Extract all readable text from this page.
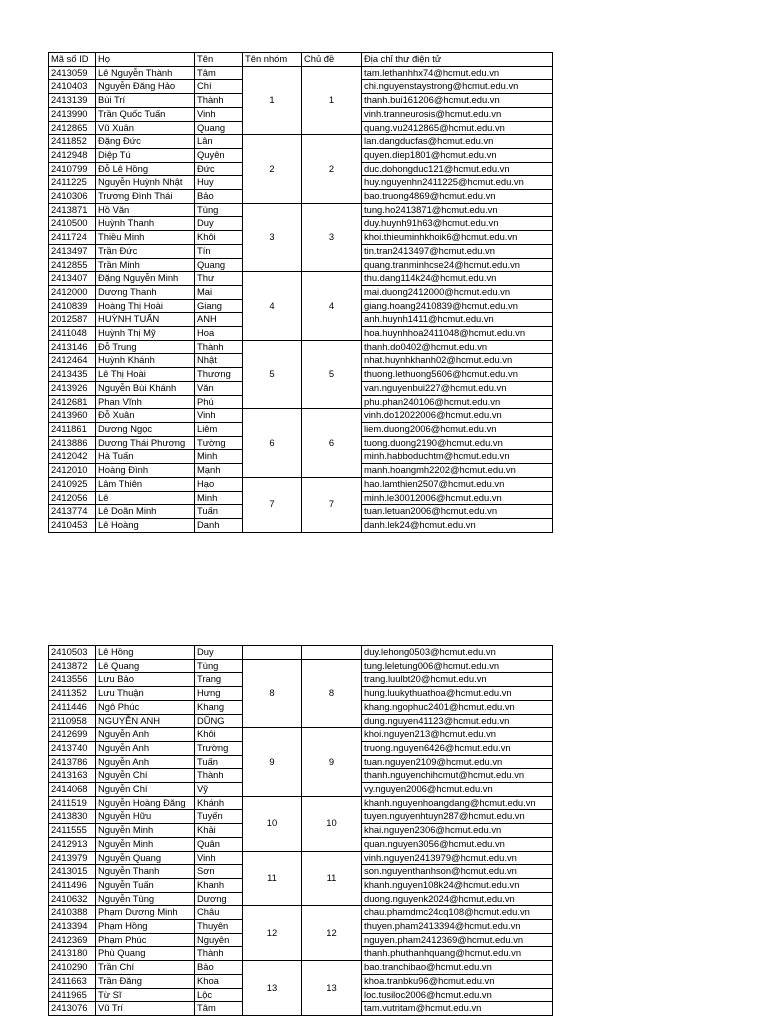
Mã số ID	Họ	Tên	Tên nhóm	Chủ đề	Địa chỉ thư điện tử
2413059	Lê Nguyễn Thành	Tâm	1	1	tam.lethanhhx74@hcmut.edu.vn
2410403	Nguyễn Đăng Hảo	Chí			chi.nguyenstaystrong@hcmut.edu.vn
2413139	Bùi Trí	Thành			thanh.bui161206@hcmut.edu.vn
2413990	Trần Quốc Tuấn	Vinh			vinh.tranneurosis@hcmut.edu.vn
2412865	Vũ Xuân	Quang			quang.vu2412865@hcmut.edu.vn
2411852	Đặng Đức	Lân	2	2	lan.dangducfas@hcmut.edu.vn
2412948	Diệp Tú	Quyên			quyen.diep1801@hcmut.edu.vn
2410799	Đỗ Lê Hồng	Đức			duc.dohongduc121@hcmut.edu.vn
2411225	Nguyễn Huỳnh Nhật	Huy			huy.nguyenhn2411225@hcmut.edu.vn
2410306	Trương Đình Thái	Bảo			bao.truong4869@hcmut.edu.vn
2413871	Hồ Văn	Tùng	3	3	tung.ho2413871@hcmut.edu.vn
2410500	Huỳnh Thanh	Duy			duy.huynh91h63@hcmut.edu.vn
2411724	Thiều Minh	Khôi			khoi.thieuminhkhoik6@hcmut.edu.vn
2413497	Trần Đức	Tín			tin.tran2413497@hcmut.edu.vn
2412855	Trần Minh	Quang			quang.tranminhcse24@hcmut.edu.vn
2413407	Đặng Nguyễn Minh	Thư	4	4	thu.dang114k24@hcmut.edu.vn
2412000	Dương Thanh	Mai			mai.duong2412000@hcmut.edu.vn
2410839	Hoàng Thị Hoài	Giang			giang.hoang2410839@hcmut.edu.vn
2012587	HUỲNH TUẤN	ANH			anh.huynh1411@hcmut.edu.vn
2411048	Huỳnh Thị Mỹ	Hoa			hoa.huynhhoa2411048@hcmut.edu.vn
2413146	Đỗ Trung	Thành	5	5	thanh.do0402@hcmut.edu.vn
2412464	Huỳnh Khánh	Nhật			nhat.huynhkhanh02@hcmut.edu.vn
2413435	Lê Thị Hoài	Thương			thuong.lethuong5606@hcmut.edu.vn
2413926	Nguyễn Bùi Khánh	Văn			van.nguyenbui227@hcmut.edu.vn
2412681	Phan Vĩnh	Phú			phu.phan240106@hcmut.edu.vn
2413960	Đỗ Xuân	Vinh	6	6	vinh.do12022006@hcmut.edu.vn
2411861	Dương Ngọc	Liêm			liem.duong2006@hcmut.edu.vn
2413886	Dương Thái Phương	Tường			tuong.duong2190@hcmut.edu.vn
2412042	Hà Tuấn	Minh			minh.habboduchtm@hcmut.edu.vn
2412010	Hoàng Đình	Mạnh			manh.hoangmh2202@hcmut.edu.vn
2410925	Lâm Thiên	Hạo	7	7	hao.lamthien2507@hcmut.edu.vn
2412056	Lê	Minh			minh.le30012006@hcmut.edu.vn
2413774	Lê Doãn Minh	Tuấn			tuan.letuan2006@hcmut.edu.vn
2410453	Lê Hoàng	Danh			danh.lek24@hcmut.edu.vn
2410503	Lê Hồng	Duy			duy.lehong0503@hcmut.edu.vn
2413872	Lê Quang	Tùng	8	8	tung.leletung006@hcmut.edu.vn
2413556	Lưu Bảo	Trang			trang.luulbt20@hcmut.edu.vn
2411352	Lưu Thuận	Hưng			hung.luukythuathoa@hcmut.edu.vn
2411446	Ngô Phúc	Khang			khang.ngophuc2401@hcmut.edu.vn
2110958	NGUYỄN ANH	DŨNG			dung.nguyen41123@hcmut.edu.vn
2412699	Nguyễn Anh	Khôi	9	9	khoi.nguyen213@hcmut.edu.vn
2413740	Nguyễn Anh	Trường			truong.nguyen6426@hcmut.edu.vn
2413786	Nguyễn Anh	Tuấn			tuan.nguyen2109@hcmut.edu.vn
2413163	Nguyễn Chí	Thành			thanh.nguyenchihcmut@hcmut.edu.vn
2414068	Nguyễn Chí	Vỹ			vy.nguyen2006@hcmut.edu.vn
2411519	Nguyễn Hoàng Đăng	Khánh	10	10	khanh.nguyenhoangdang@hcmut.edu.vn
2413830	Nguyễn Hữu	Tuyến			tuyen.nguyenhtuyn287@hcmut.edu.vn
2411555	Nguyễn Minh	Khải			khai.nguyen2306@hcmut.edu.vn
2412913	Nguyễn Minh	Quân			quan.nguyen3056@hcmut.edu.vn
2413979	Nguyễn Quang	Vinh	11	11	vinh.nguyen2413979@hcmut.edu.vn
2413015	Nguyễn Thanh	Sơn			son.nguyenthanhson@hcmut.edu.vn
2411496	Nguyễn Tuấn	Khanh			khanh.nguyen108k24@hcmut.edu.vn
2410632	Nguyễn Tùng	Dương			duong.nguyenk2024@hcmut.edu.vn
2410388	Phạm Dương Minh	Châu	12	12	chau.phamdmc24cq108@hcmut.edu.vn
2413394	Phạm Hồng	Thuyên			thuyen.pham2413394@hcmut.edu.vn
2412369	Phạm Phúc	Nguyên			nguyen.pham2412369@hcmut.edu.vn
2413180	Phù Quang	Thành			thanh.phuthanhquang@hcmut.edu.vn
2410290	Trần Chí	Bảo	13	13	bao.tranchibao@hcmut.edu.vn
2411663	Trần Đăng	Khoa			khoa.tranbku96@hcmut.edu.vn
2411965	Từ Sĩ	Lộc			loc.tusiloc2006@hcmut.edu.vn
2413076	Vũ Trí	Tâm			tam.vutritam@hcmut.edu.vn
